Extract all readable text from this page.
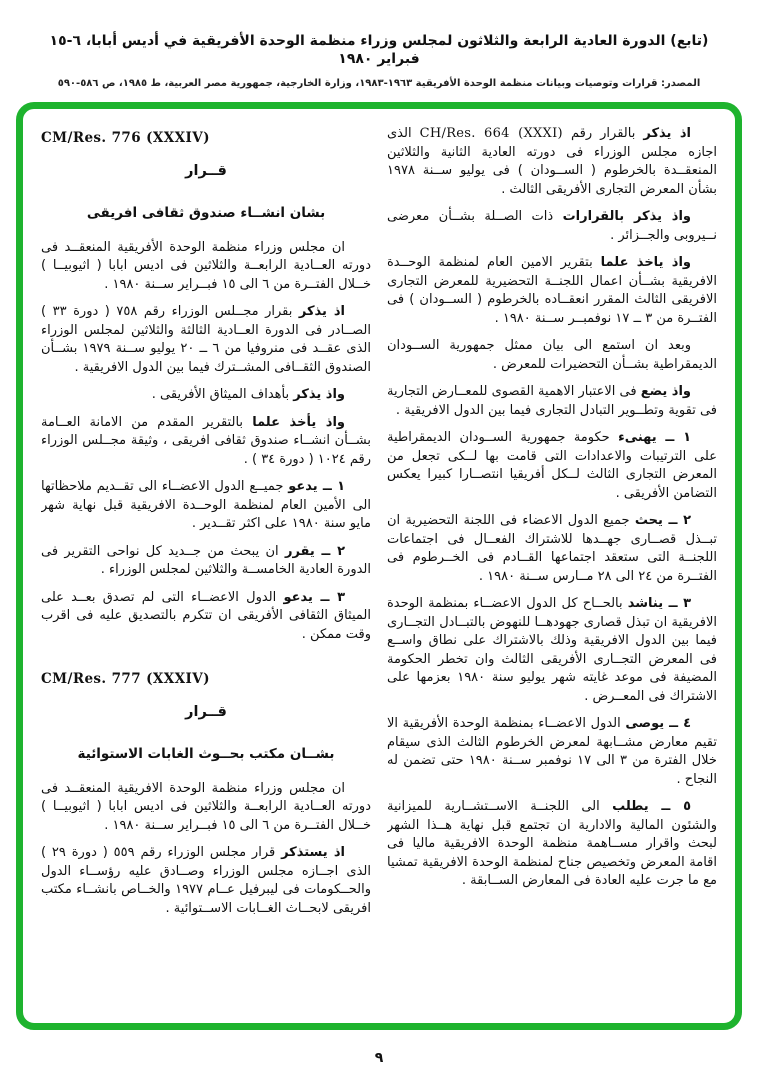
(تابع) الدورة العادية الرابعة والثلاثون لمجلس وزراء منظمة الوحدة الأفريقية في أديس أبابا، ٦-١٥ فبراير ١٩٨٠
المصدر: قرارات وتوصيات وبيانات منظمة الوحدة الأفريقية ١٩٦٣-١٩٨٣، وزارة الخارجية، جمهورية مصر العربية، ط ١٩٨٥، ص ٥٨٦-٥٩٠

اذ يذكر بالقرار رقم CH/Res. 664 (XXXI) الذى اجازه مجلس الوزراء فى دورته العادية الثانية والثلاثين المنعقــدة بالخرطوم ( الســودان ) فى يوليو ســنة ١٩٧٨ بشأن المعرض التجارى الأفريقى الثالث .

واذ يذكر بالقرارات ذات الصــلة بشــأن معرضى نــيروبى والجــزائر .

واذ ياخذ علما بتقرير الامين العام لمنظمة الوحــدة الافريقية بشــأن اعمال اللجنــة التحضيرية للمعرض التجارى الافريقى الثالث المقرر انعقــاده بالخرطوم ( الســودان ) فى الفتــرة من ٣ ــ ١٧ نوفمبــر ســنة ١٩٨٠ .

وبعد ان استمع الى بيان ممثل جمهورية الســودان الديمقراطية بشــأن التحضيرات للمعرض .

واذ يضع فى الاعتبار الاهمية القصوى للمعــارض التجارية فى تقوية وتطــوير التبادل التجارى فيما بين الدول الافريقية .

١ ــ يهنىء حكومة جمهورية الســودان الديمقراطية على الترتيبات والاعدادات التى قامت بها لــكى تجعل من المعرض التجارى الثالث لــكل أفريقيا انتصــارا كبيرا يعكس التضامن الأفريقى .

٢ ــ يحث جميع الدول الاعضاء فى اللجنة التحضيرية ان تبــذل قصــارى جهــدها للاشتراك الفعــال فى اجتماعات اللجنــة التى ستعقد اجتماعها القــادم فى الخــرطوم فى الفتــرة من ٢٤ الى ٢٨ مــارس ســنة ١٩٨٠ .

٣ ــ يناشد بالحــاح كل الدول الاعضــاء بمنظمة الوحدة الافريقية ان تبذل قصارى جهودهــا للنهوض بالتبــادل التجــارى فيما بين الدول الافريقية وذلك بالاشتراك على نطاق واســع فى المعرض التجــارى الأفريقى الثالث وان تخطر الحكومة المضيفة فى موعد غايته شهر يوليو سنة ١٩٨٠ بعزمها على الاشتراك فى المعــرض .

٤ ــ يوصى الدول الاعضــاء بمنظمة الوحدة الأفريقية الا تقيم معارض مشــابهة لمعرض الخرطوم الثالث الذى سيقام خلال الفترة من ٣ الى ١٧ نوفمبر ســنة ١٩٨٠ حتى تضمن له النجاح .

٥ ــ يطلب الى اللجنــة الاســتشــارية للميزانية والشئون المالية والادارية ان تجتمع قبل نهاية هــذا الشهر لبحث واقرار مســاهمة منظمة الوحدة الافريقية ماليا فى اقامة المعرض وتخصيص جناح لمنظمة الوحدة الافريقية تمشيا مع ما جرت عليه العادة فى المعارض الســابقة .

CM/Res. 776 (XXXIV)
قــرار
بشان انشــاء صندوق ثقافى افريقى

ان مجلس وزراء منظمة الوحدة الأفريقية المنعقــد فى دورته العــادية الرابعــة والثلاثين فى اديس ابابا ( اثيوبيــا ) خــلال الفتــرة من ٦ الى ١٥ فبــراير ســنة ١٩٨٠ .

اذ يذكر بقرار مجــلس الوزراء رقم ٧٥٨ ( دورة ٣٣ ) الصــادر فى الدورة العــادية الثالثة والثلاثين لمجلس الوزراء الذى عقــد فى منروفيا من ٦ ــ ٢٠ يوليو ســنة ١٩٧٩ بشــأن الصندوق الثقــافى المشــترك فيما بين الدول الافريقية .

واذ يذكر بأهداف الميثاق الأفريقى .

واذ يأخذ علما بالتقرير المقدم من الامانة العــامة بشــأن انشــاء صندوق ثقافى افريقى ، وثيقة مجــلس الوزراء رقم ١٠٢٤ ( دورة ٣٤ ) .

١ ــ يدعو جميــع الدول الاعضــاء الى تقــديم ملاحظاتها الى الأمين العام لمنظمة الوحــدة الافريقية قبل نهاية شهر مايو سنة ١٩٨٠ على اكثر تقــدير .

٢ ــ يقرر ان يبحث من جــديد كل نواحى التقرير فى الدورة العادية الخامســة والثلاثين لمجلس الوزراء .

٣ ــ يدعو الدول الاعضــاء التى لم تصدق بعــد على الميثاق الثقافى الأفريقى ان تتكرم بالتصديق عليه فى اقرب وقت ممكن .

CM/Res. 777 (XXXIV)
قــرار
بشــان مكتب بحــوث الغابات الاستوائية

ان مجلس وزراء منظمة الوحدة الافريقية المنعقــد فى دورته العــادية الرابعــة والثلاثين فى اديس ابابا ( اثيوبيــا ) خــلال الفتــرة من ٦ الى ١٥ فبــراير ســنة ١٩٨٠ .

اذ يستذكر قرار مجلس الوزراء رقم ٥٥٩ ( دورة ٢٩ ) الذى اجــازه مجلس الوزراء وصــادق عليه رؤســاء الدول والحــكومات فى ليبرفيل عــام ١٩٧٧ والخــاص بانشــاء مكتب افريقى لابحــاث الغــابات الاســتوائية .

٩
